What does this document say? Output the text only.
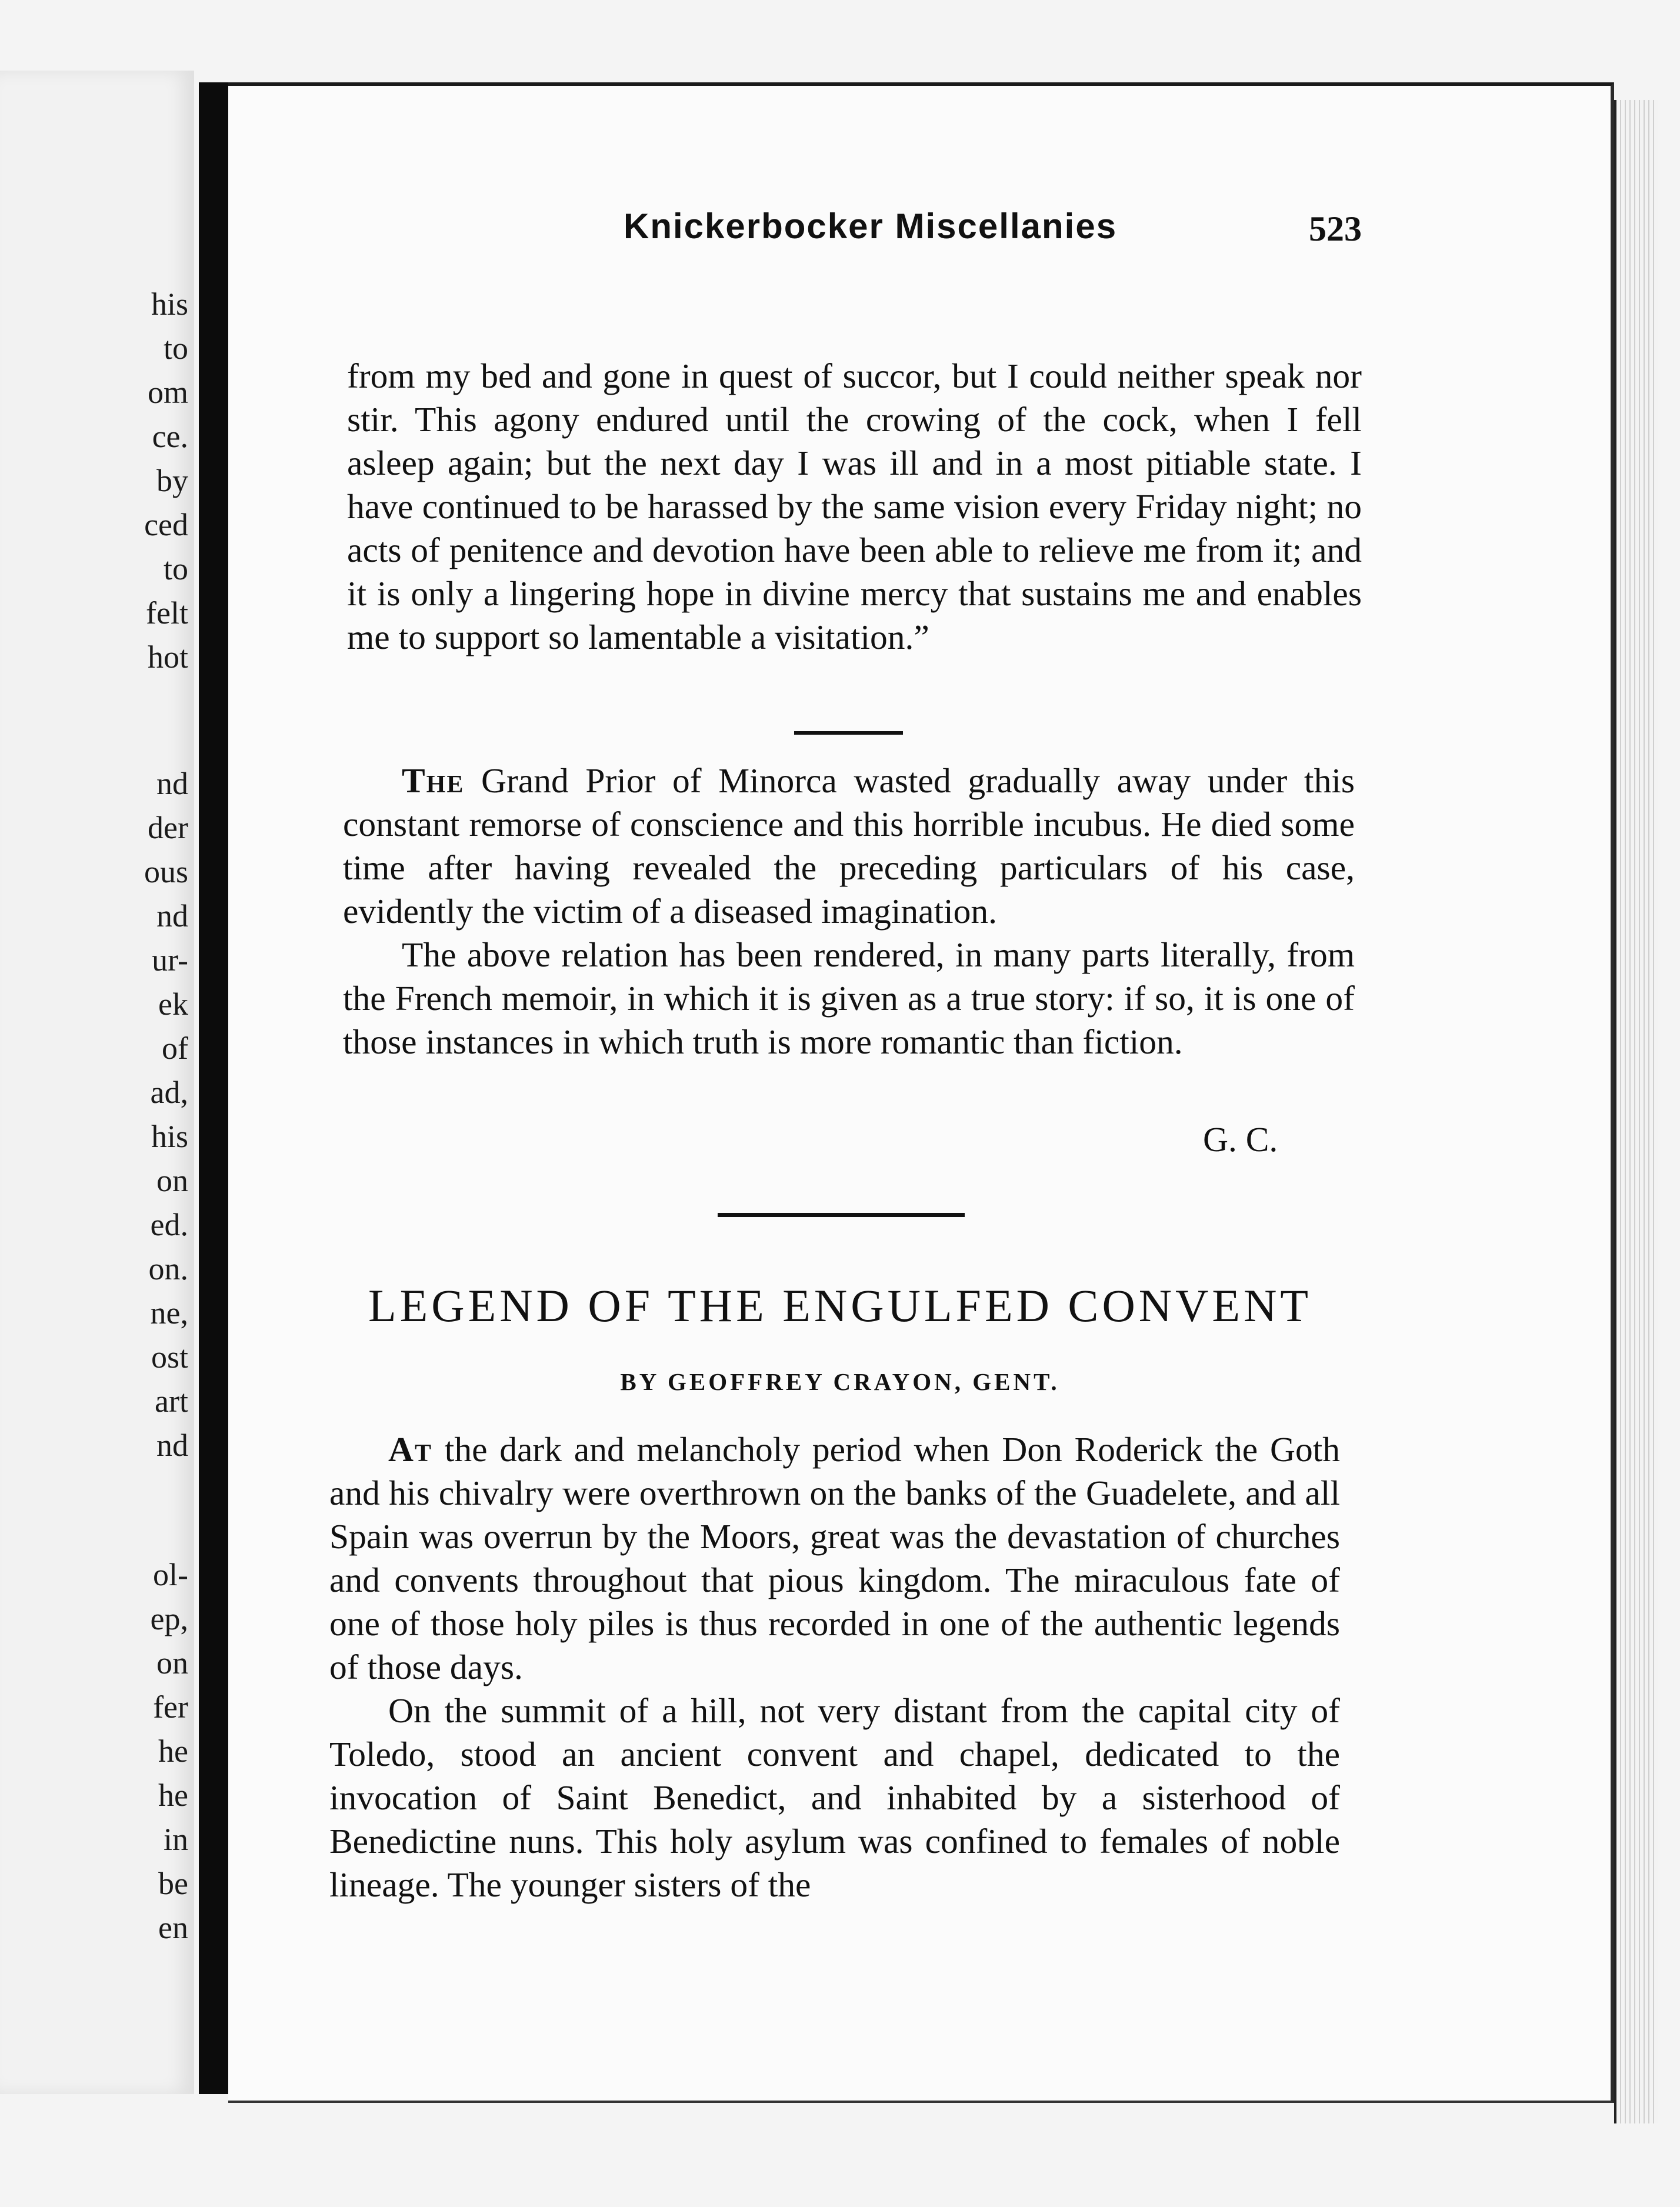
his
to
om
ce.
by
ced
to
felt
hot
nd
der
ous
nd
ur-
ek
of
ad,
his
on
ed.
on.
ne,
ost
art
nd
ol-
ep,
on
fer
he
he
in
be
en
Knickerbocker Miscellanies	523

from my bed and gone in quest of succor, but I could neither speak nor stir. This agony endured until the crowing of the cock, when I fell asleep again; but the next day I was ill and in a most pitiable state. I have continued to be harassed by the same vision every Friday night; no acts of penitence and devotion have been able to relieve me from it; and it is only a lingering hope in divine mercy that sustains me and enables me to support so lamentable a visitation.”

The Grand Prior of Minorca wasted gradually away under this constant remorse of conscience and this horrible incubus. He died some time after having revealed the preceding particulars of his case, evidently the victim of a diseased imagination.

The above relation has been rendered, in many parts literally, from the French memoir, in which it is given as a true story: if so, it is one of those instances in which truth is more romantic than fiction.

G. C.
LEGEND OF THE ENGULFED CONVENT
BY GEOFFREY CRAYON, GENT.

At the dark and melancholy period when Don Roderick the Goth and his chivalry were overthrown on the banks of the Guadelete, and all Spain was overrun by the Moors, great was the devastation of churches and convents throughout that pious kingdom. The miraculous fate of one of those holy piles is thus recorded in one of the authentic legends of those days.

On the summit of a hill, not very distant from the capital city of Toledo, stood an ancient convent and chapel, dedicated to the invocation of Saint Benedict, and inhabited by a sisterhood of Benedictine nuns. This holy asylum was confined to females of noble lineage. The younger sisters of the
